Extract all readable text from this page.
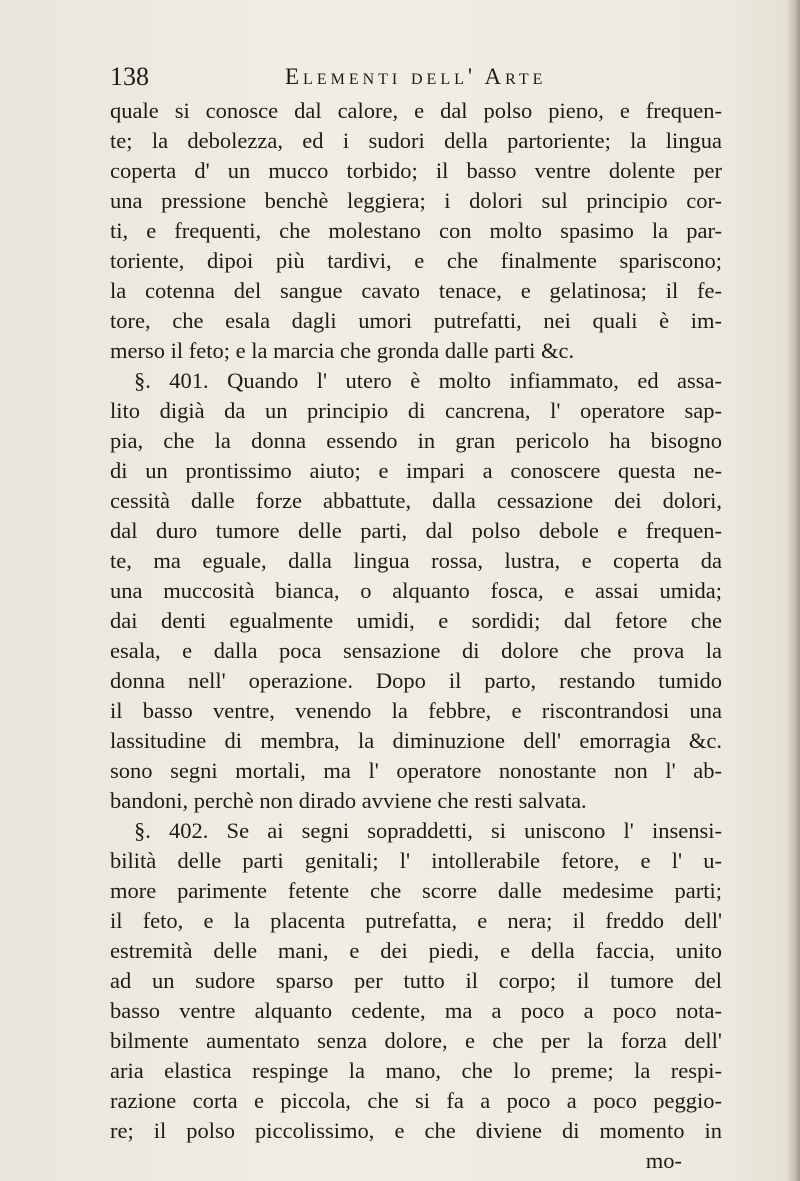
138	Elementi dell' Arte
quale si conosce dal calore, e dal polso pieno, e frequen-
te; la debolezza, ed i sudori della partoriente; la lingua
coperta d' un mucco torbido; il basso ventre dolente per
una pressione benchè leggiera; i dolori sul principio cor-
ti, e frequenti, che molestano con molto spasimo la par-
toriente, dipoi più tardivi, e che finalmente spariscono;
la cotenna del sangue cavato tenace, e gelatinosa; il fe-
tore, che esala dagli umori putrefatti, nei quali è im-
merso il feto; e la marcia che gronda dalle parti &c.
§. 401. Quando l' utero è molto infiammato, ed assa-
lito digià da un principio di cancrena, l' operatore sap-
pia, che la donna essendo in gran pericolo ha bisogno
di un prontissimo aiuto; e impari a conoscere questa ne-
cessità dalle forze abbattute, dalla cessazione dei dolori,
dal duro tumore delle parti, dal polso debole e frequen-
te, ma eguale, dalla lingua rossa, lustra, e coperta da
una muccosità bianca, o alquanto fosca, e assai umida;
dai denti egualmente umidi, e sordidi; dal fetore che
esala, e dalla poca sensazione di dolore che prova la
donna nell' operazione. Dopo il parto, restando tumido
il basso ventre, venendo la febbre, e riscontrandosi una
lassitudine di membra, la diminuzione dell' emorragia &c.
sono segni mortali, ma l' operatore nonostante non l' ab-
bandoni, perchè non dirado avviene che resti salvata.
§. 402. Se ai segni sopraddetti, si uniscono l' insensi-
bilità delle parti genitali; l' intollerabile fetore, e l' u-
more parimente fetente che scorre dalle medesime parti;
il feto, e la placenta putrefatta, e nera; il freddo dell'
estremità delle mani, e dei piedi, e della faccia, unito
ad un sudore sparso per tutto il corpo; il tumore del
basso ventre alquanto cedente, ma a poco a poco nota-
bilmente aumentato senza dolore, e che per la forza dell'
aria elastica respinge la mano, che lo preme; la respi-
razione corta e piccola, che si fa a poco a poco peggio-
re; il polso piccolissimo, e che diviene di momento in
mo-
